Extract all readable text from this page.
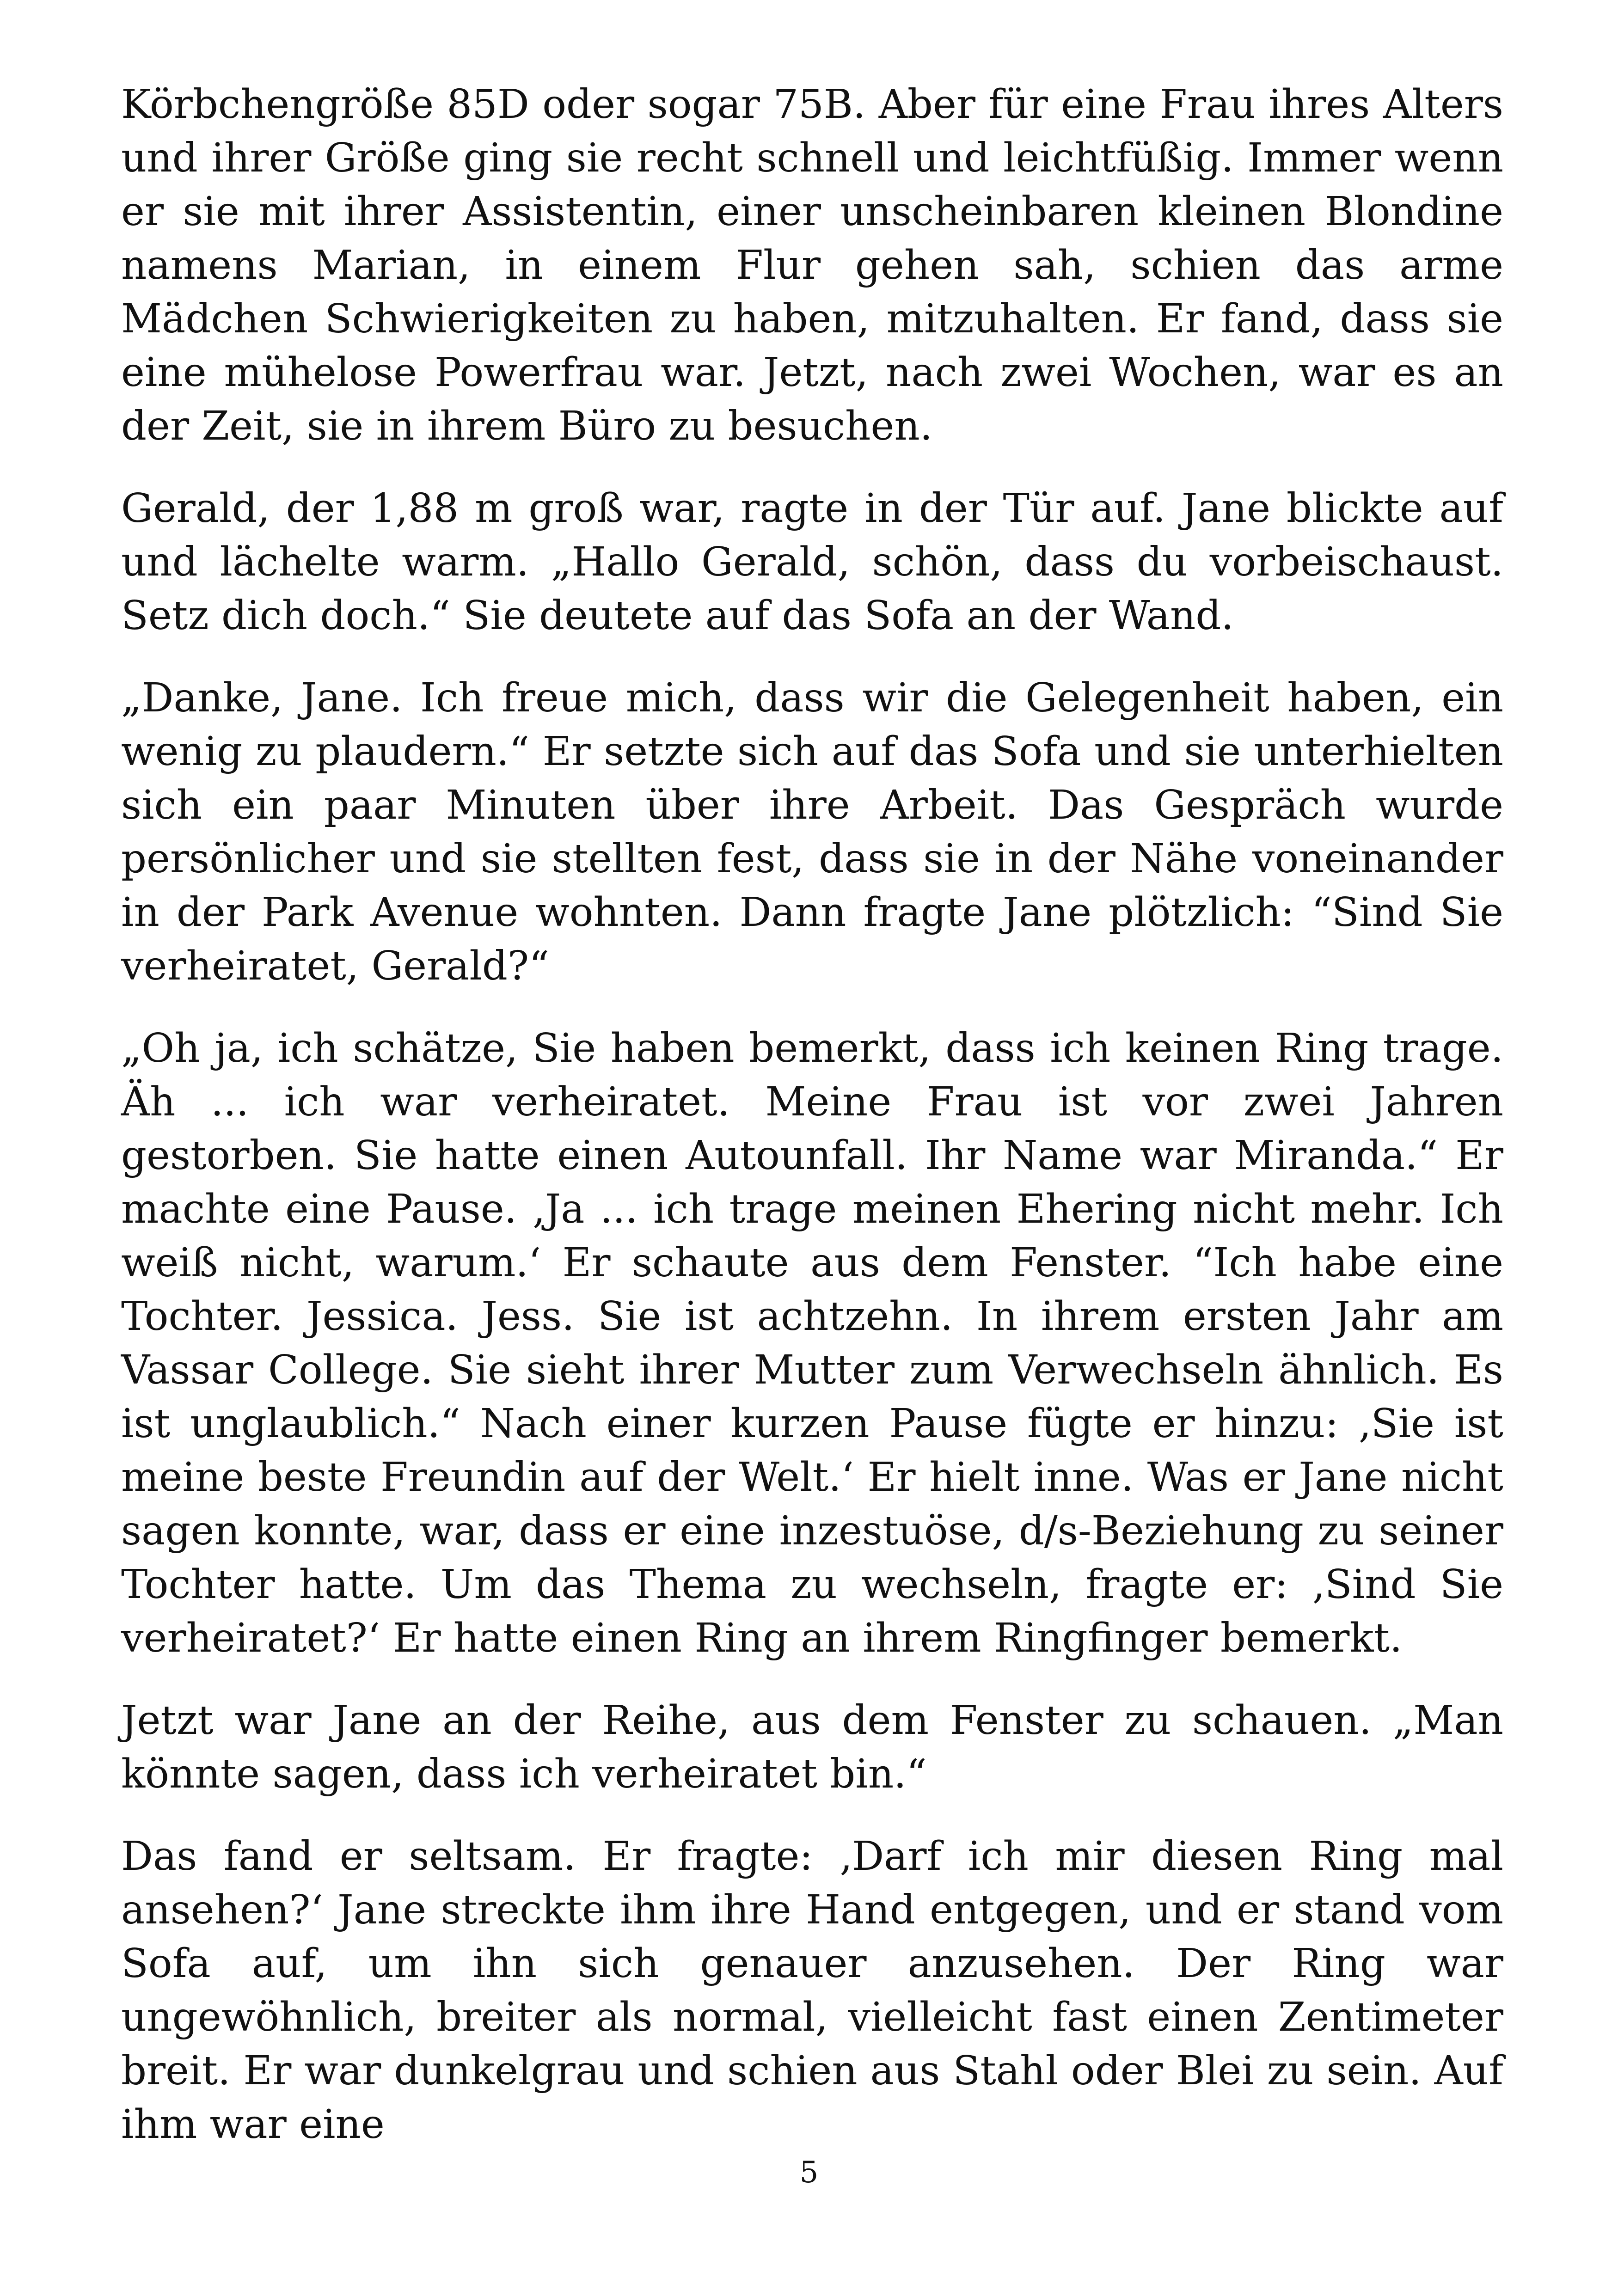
Körbchengröße 85D oder sogar 75B. Aber für eine Frau ihres Alters und ihrer Größe ging sie recht schnell und leichtfüßig. Immer wenn er sie mit ihrer Assistentin, einer unscheinbaren kleinen Blondine namens Marian, in einem Flur gehen sah, schien das arme Mädchen Schwierigkeiten zu haben, mitzuhalten. Er fand, dass sie eine mühelose Powerfrau war. Jetzt, nach zwei Wochen, war es an der Zeit, sie in ihrem Büro zu besuchen.

Gerald, der 1,88 m groß war, ragte in der Tür auf. Jane blickte auf und lächelte warm. „Hallo Gerald, schön, dass du vorbeischaust. Setz dich doch.“ Sie deutete auf das Sofa an der Wand.

„Danke, Jane. Ich freue mich, dass wir die Gelegenheit haben, ein wenig zu plaudern.“ Er setzte sich auf das Sofa und sie unterhielten sich ein paar Minuten über ihre Arbeit. Das Gespräch wurde persönlicher und sie stellten fest, dass sie in der Nähe voneinander in der Park Avenue wohnten. Dann fragte Jane plötzlich: “Sind Sie verheiratet, Gerald?“

„Oh ja, ich schätze, Sie haben bemerkt, dass ich keinen Ring trage. Äh ... ich war verheiratet. Meine Frau ist vor zwei Jahren gestorben. Sie hatte einen Autounfall. Ihr Name war Miranda.“ Er machte eine Pause. ‚Ja ... ich trage meinen Ehering nicht mehr. Ich weiß nicht, warum.‘ Er schaute aus dem Fenster. “Ich habe eine Tochter. Jessica. Jess. Sie ist achtzehn. In ihrem ersten Jahr am Vassar College. Sie sieht ihrer Mutter zum Verwechseln ähnlich. Es ist unglaublich.“ Nach einer kurzen Pause fügte er hinzu: ‚Sie ist meine beste Freundin auf der Welt.‘ Er hielt inne. Was er Jane nicht sagen konnte, war, dass er eine inzestuöse, d/s-Beziehung zu seiner Tochter hatte. Um das Thema zu wechseln, fragte er: ‚Sind Sie verheiratet?‘ Er hatte einen Ring an ihrem Ringfinger bemerkt.

Jetzt war Jane an der Reihe, aus dem Fenster zu schauen. „Man könnte sagen, dass ich verheiratet bin.“

Das fand er seltsam. Er fragte: ‚Darf ich mir diesen Ring mal ansehen?‘ Jane streckte ihm ihre Hand entgegen, und er stand vom Sofa auf, um ihn sich genauer anzusehen. Der Ring war ungewöhnlich, breiter als normal, vielleicht fast einen Zentimeter breit. Er war dunkelgrau und schien aus Stahl oder Blei zu sein. Auf ihm war eine

5
